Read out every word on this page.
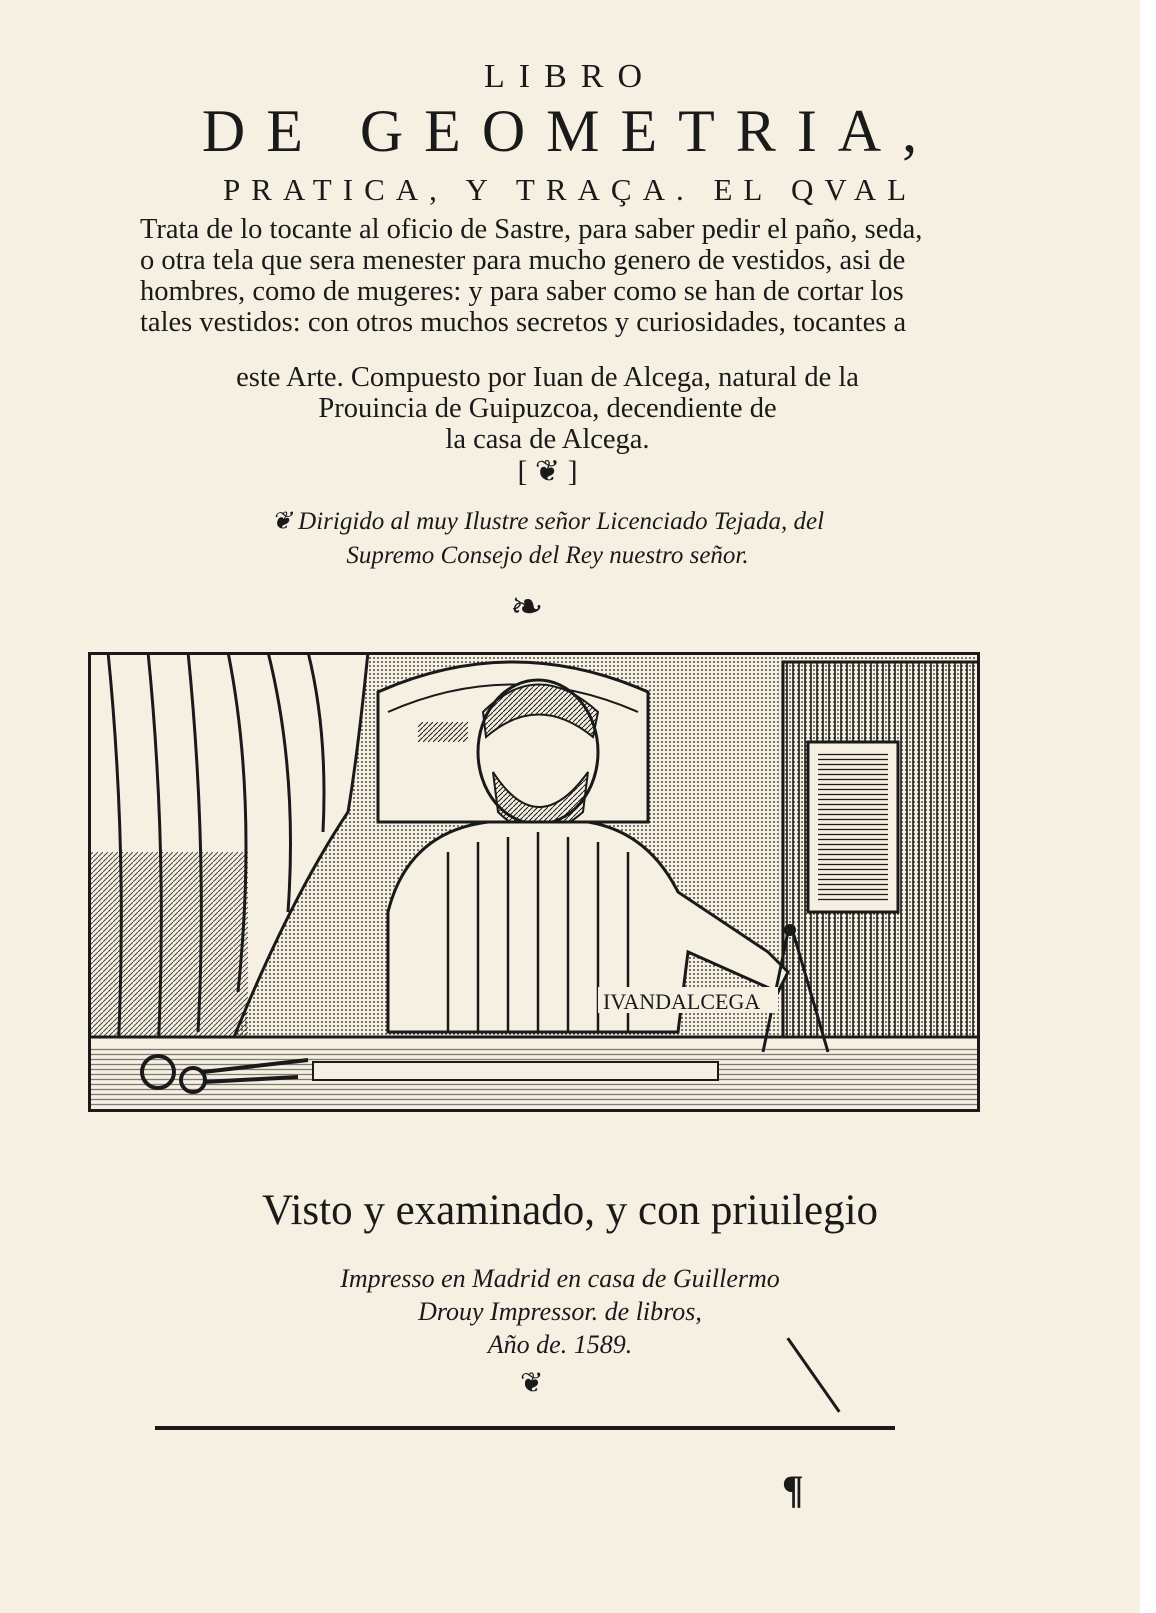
LIBRO
DE GEOMETRIA,
PRATICA, Y TRAÇA. EL QVAL
Trata de lo tocante al oficio de Sastre, para saber pedir el paño, seda,
o otra tela que sera menester para mucho genero de vestidos, asi de
hombres, como de mugeres: y para saber como se han de cortar los
tales vestidos: con otros muchos secretos y curiosidades, tocantes a
este Arte. Compuesto por Iuan de Alcega, natural de la
Prouincia de Guipuzcoa, decendiente de
la casa de Alcega.
[ ❦ ]
❦ Dirigido al muy Ilustre señor Licenciado Tejada, del
Supremo Consejo del Rey nuestro señor.
❧
IVANDALCEGA

Visto y examinado, y con priuilegio
Impresso en Madrid en casa de Guillermo
Drouy Impressor. de libros,
Año de. 1589.
❦
¶
